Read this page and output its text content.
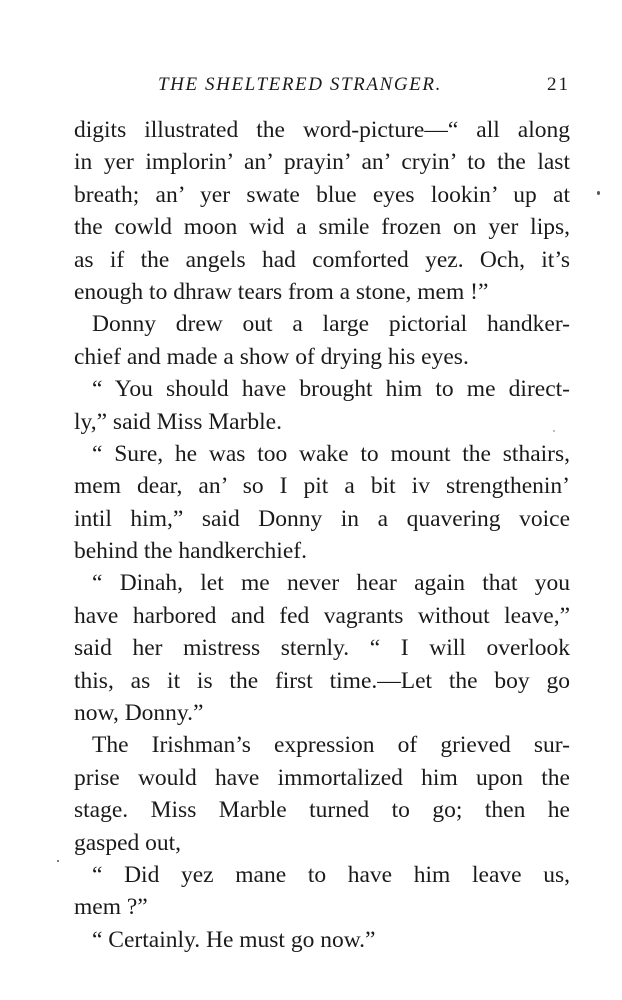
THE SHELTERED STRANGER.	21
digits illustrated the word-picture—“ all along
in yer implorin’ an’ prayin’ an’ cryin’ to the last
breath; an’ yer swate blue eyes lookin’ up at
the cowld moon wid a smile frozen on yer lips,
as if the angels had comforted yez. Och, it’s
enough to dhraw tears from a stone, mem !”
Donny drew out a large pictorial handker-
chief and made a show of drying his eyes.
“ You should have brought him to me direct-
ly,” said Miss Marble.
“ Sure, he was too wake to mount the sthairs,
mem dear, an’ so I pit a bit iv strengthenin’
intil him,” said Donny in a quavering voice
behind the handkerchief.
“ Dinah, let me never hear again that you
have harbored and fed vagrants without leave,”
said her mistress sternly. “ I will overlook
this, as it is the first time.—Let the boy go
now, Donny.”
The Irishman’s expression of grieved sur-
prise would have immortalized him upon the
stage. Miss Marble turned to go; then he
gasped out,
“ Did yez mane to have him leave us,
mem ?”
“ Certainly. He must go now.”
